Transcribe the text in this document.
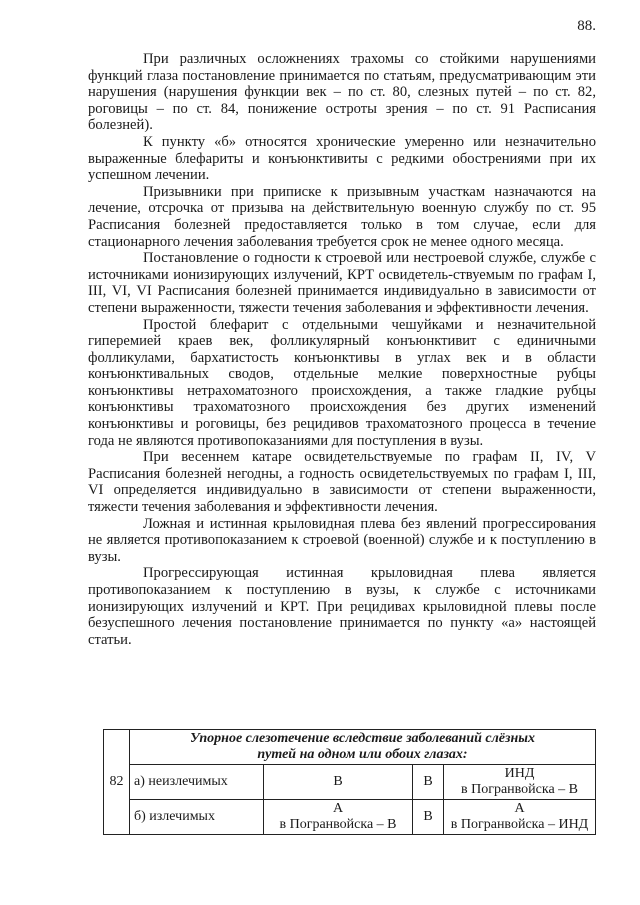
88.

При различных осложнениях трахомы со стойкими нарушениями функций глаза постановление принимается по статьям, предусматривающим эти нарушения (нарушения функции век – по ст. 80, слезных путей – по ст. 82, роговицы – по ст. 84, понижение остроты зрения – по ст. 91 Расписания болезней).

К пункту «б» относятся хронические умеренно или незначительно выраженные блефариты и конъюнктивиты с редкими обострениями при их успешном лечении.

Призывники при приписке к призывным участкам назначаются на лечение, отсрочка от призыва на действительную военную службу по ст. 95 Расписания болезней предоставляется только в том случае, если для стационарного лечения заболевания требуется срок не менее одного месяца.

Постановление о годности к строевой или нестроевой службе, службе с источниками ионизирующих излучений, КРТ освидетель-ствуемым по графам I, III, VI, VI Расписания болезней принимается индивидуально в зависимости от степени выраженности, тяжести течения заболевания и эффективности лечения.

Простой блефарит с отдельными чешуйками и незначительной гиперемией краев век, фолликулярный конъюнктивит с единичными фолликулами, бархатистость конъюнктивы в углах век и в области конъюнктивальных сводов, отдельные мелкие поверхностные рубцы конъюнктивы нетрахоматозного происхождения, а также гладкие рубцы конъюнктивы трахоматозного происхождения без других изменений конъюнктивы и роговицы, без рецидивов трахоматозного процесса в течение года не являются противопоказаниями для поступления в вузы.

При весеннем катаре освидетельствуемые по графам II, IV, V Расписания болезней негодны, а годность освидетельствуемых по графам I, III, VI определяется индивидуально в зависимости от степени выраженности, тяжести течения заболевания и эффективности лечения.

Ложная и истинная крыловидная плева без явлений прогрессирования не является противопоказанием к строевой (военной) службе и к поступлению в вузы.

Прогрессирующая истинная крыловидная плева является противопоказанием к поступлению в вузы, к службе с источниками ионизирующих излучений и КРТ. При рецидивах крыловидной плевы после безуспешного лечения постановление принимается по пункту «а» настоящей статьи.

82	Упорное слезотечение вследствие заболеваний слёзных
путей на одном или обоих глазах:			

	а) неизлечимых	В	В	ИНД
в Погранвойска – В

	б) излечимых	А
в Погранвойска – В	В	А
в Погранвойска – ИНД
